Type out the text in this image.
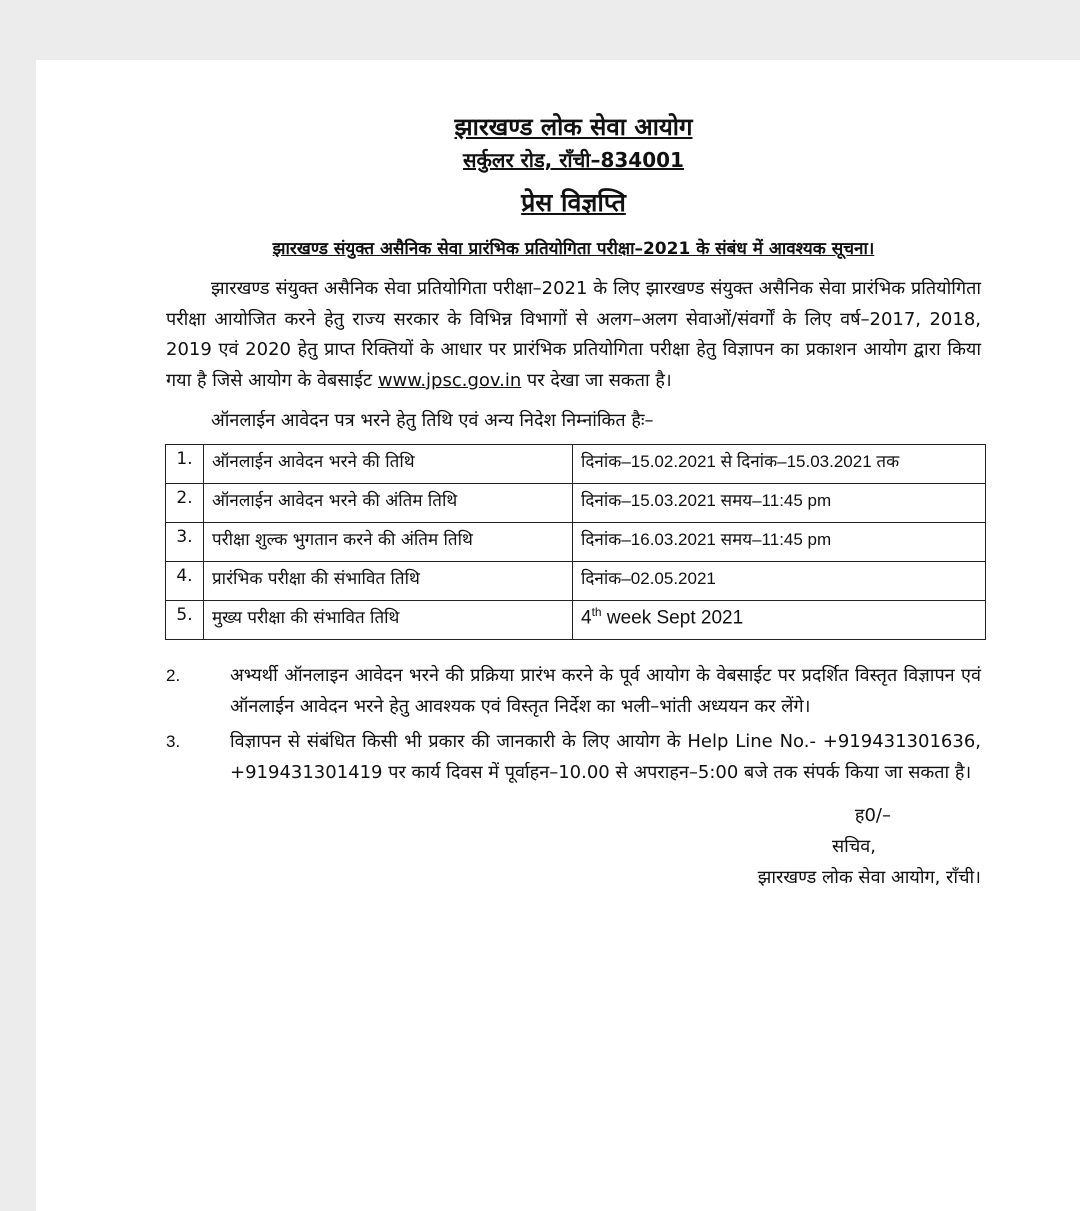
झारखण्ड लोक सेवा आयोग
सर्कुलर रोड, राँची–834001
प्रेस विज्ञप्ति
झारखण्ड संयुक्त असैनिक सेवा प्रारंभिक प्रतियोगिता परीक्षा–2021 के संबंध में आवश्यक सूचना।
झारखण्ड संयुक्त असैनिक सेवा प्रतियोगिता परीक्षा–2021 के लिए झारखण्ड संयुक्त असैनिक सेवा प्रारंभिक प्रतियोगिता परीक्षा आयोजित करने हेतु राज्य सरकार के विभिन्न विभागों से अलग–अलग सेवाओं/संवर्गों के लिए वर्ष–2017, 2018, 2019 एवं 2020 हेतु प्राप्त रिक्तियों के आधार पर प्रारंभिक प्रतियोगिता परीक्षा हेतु विज्ञापन का प्रकाशन आयोग द्वारा किया गया है जिसे आयोग के वेबसाईट www.jpsc.gov.in पर देखा जा सकता है।
ऑनलाईन आवेदन पत्र भरने हेतु तिथि एवं अन्य निदेश निम्नांकित हैः–
1.	ऑनलाईन आवेदन भरने की तिथि	दिनांक–15.02.2021 से दिनांक–15.03.2021 तक
2.	ऑनलाईन आवेदन भरने की अंतिम तिथि	दिनांक–15.03.2021 समय–11:45 pm
3.	परीक्षा शुल्क भुगतान करने की अंतिम तिथि	दिनांक–16.03.2021 समय–11:45 pm
4.	प्रारंभिक परीक्षा की संभावित तिथि	दिनांक–02.05.2021
5.	मुख्य परीक्षा की संभावित तिथि	4th week Sept 2021
2.	अभ्यर्थी ऑनलाइन आवेदन भरने की प्रक्रिया प्रारंभ करने के पूर्व आयोग के वेबसाईट पर प्रदर्शित विस्तृत विज्ञापन एवं ऑनलाईन आवेदन भरने हेतु आवश्यक एवं विस्तृत निर्देश का भली–भांती अध्ययन कर लेंगे।
3.	विज्ञापन से संबंधित किसी भी प्रकार की जानकारी के लिए आयोग के Help Line No.- +919431301636, +919431301419 पर कार्य दिवस में पूर्वाहन–10.00 से अपराहन–5:00 बजे तक संपर्क किया जा सकता है।
ह0/–
सचिव,
झारखण्ड लोक सेवा आयोग, राँची।
